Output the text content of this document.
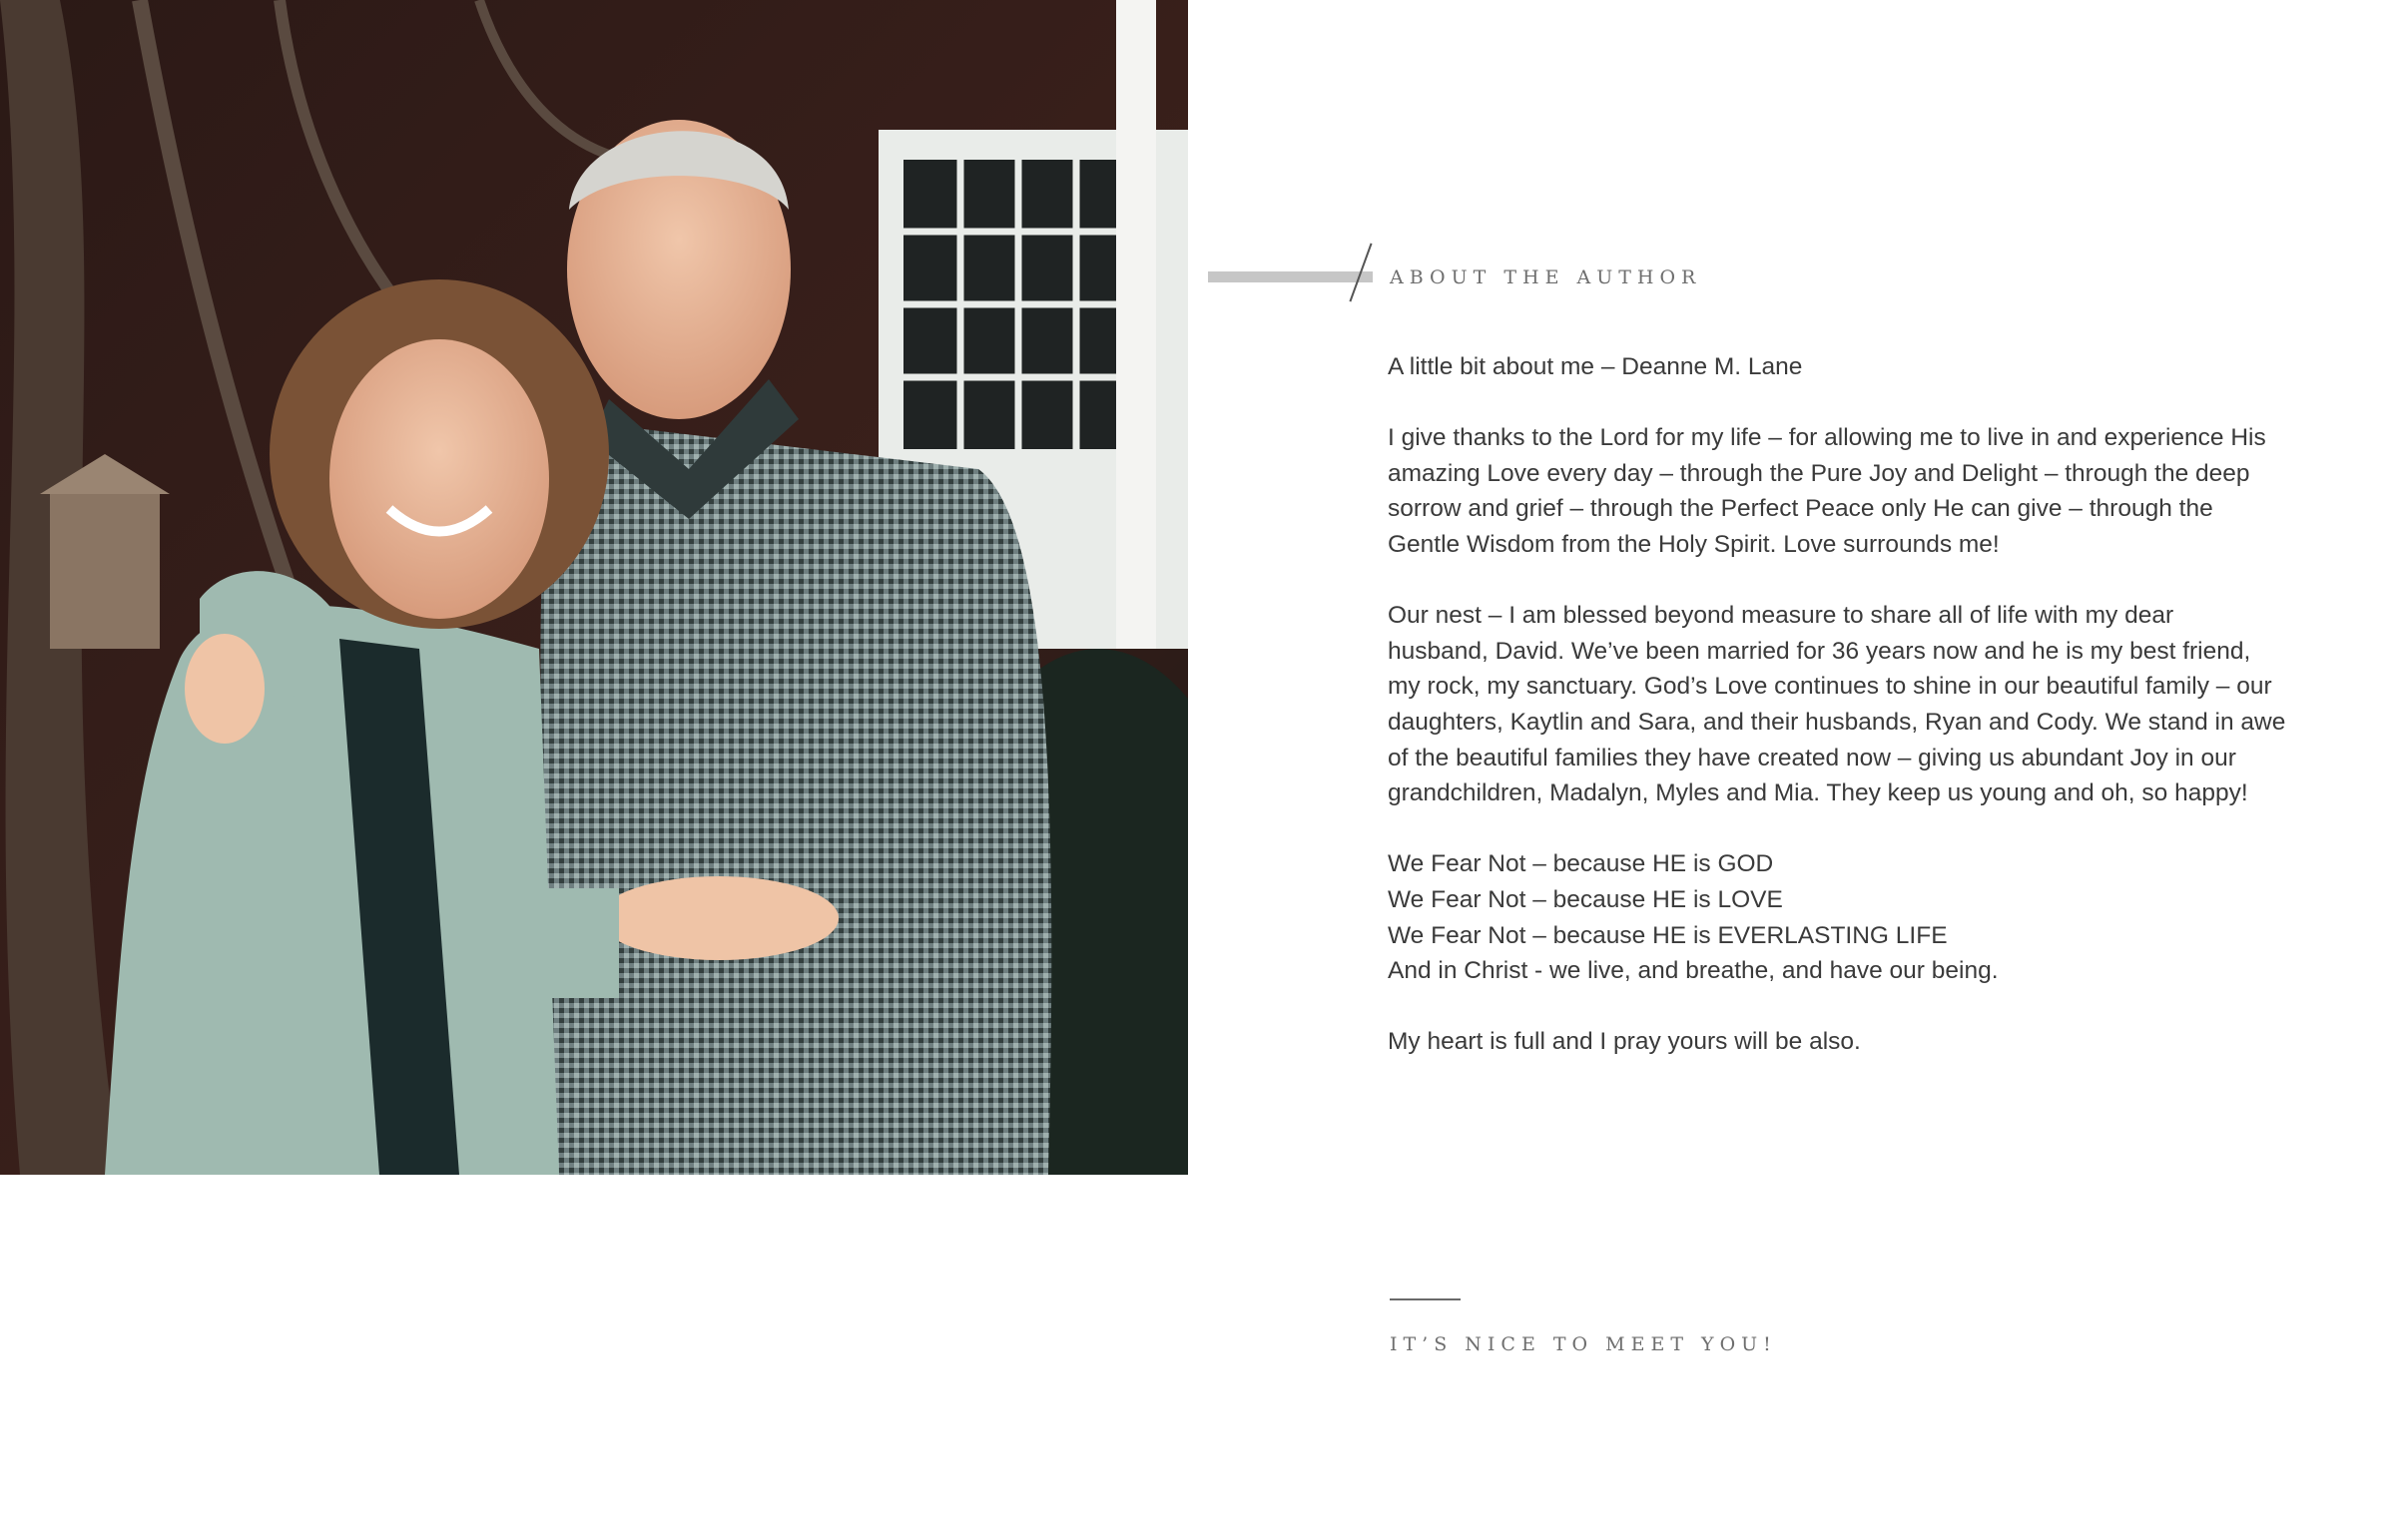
ABOUT THE AUTHOR

A little bit about me – Deanne M. Lane

I give thanks to the Lord for my life – for allowing me to live in and experience His
amazing Love every day – through the Pure Joy and Delight – through the deep
sorrow and grief – through the Perfect Peace only He can give – through the
Gentle Wisdom from the Holy Spirit. Love surrounds me!

Our nest – I am blessed beyond measure to share all of life with my dear
husband, David. We’ve been married for 36 years now and he is my best friend,
my rock, my sanctuary. God’s Love continues to shine in our beautiful family – our
daughters, Kaytlin and Sara, and their husbands, Ryan and Cody. We stand in awe
of the beautiful families they have created now – giving us abundant Joy in our
grandchildren, Madalyn, Myles and Mia. They keep us young and oh, so happy!

We Fear Not – because HE is GOD
We Fear Not – because HE is LOVE
We Fear Not – because HE is EVERLASTING LIFE
And in Christ - we live, and breathe, and have our being.

My heart is full and I pray yours will be also.

IT’S NICE TO MEET YOU!
